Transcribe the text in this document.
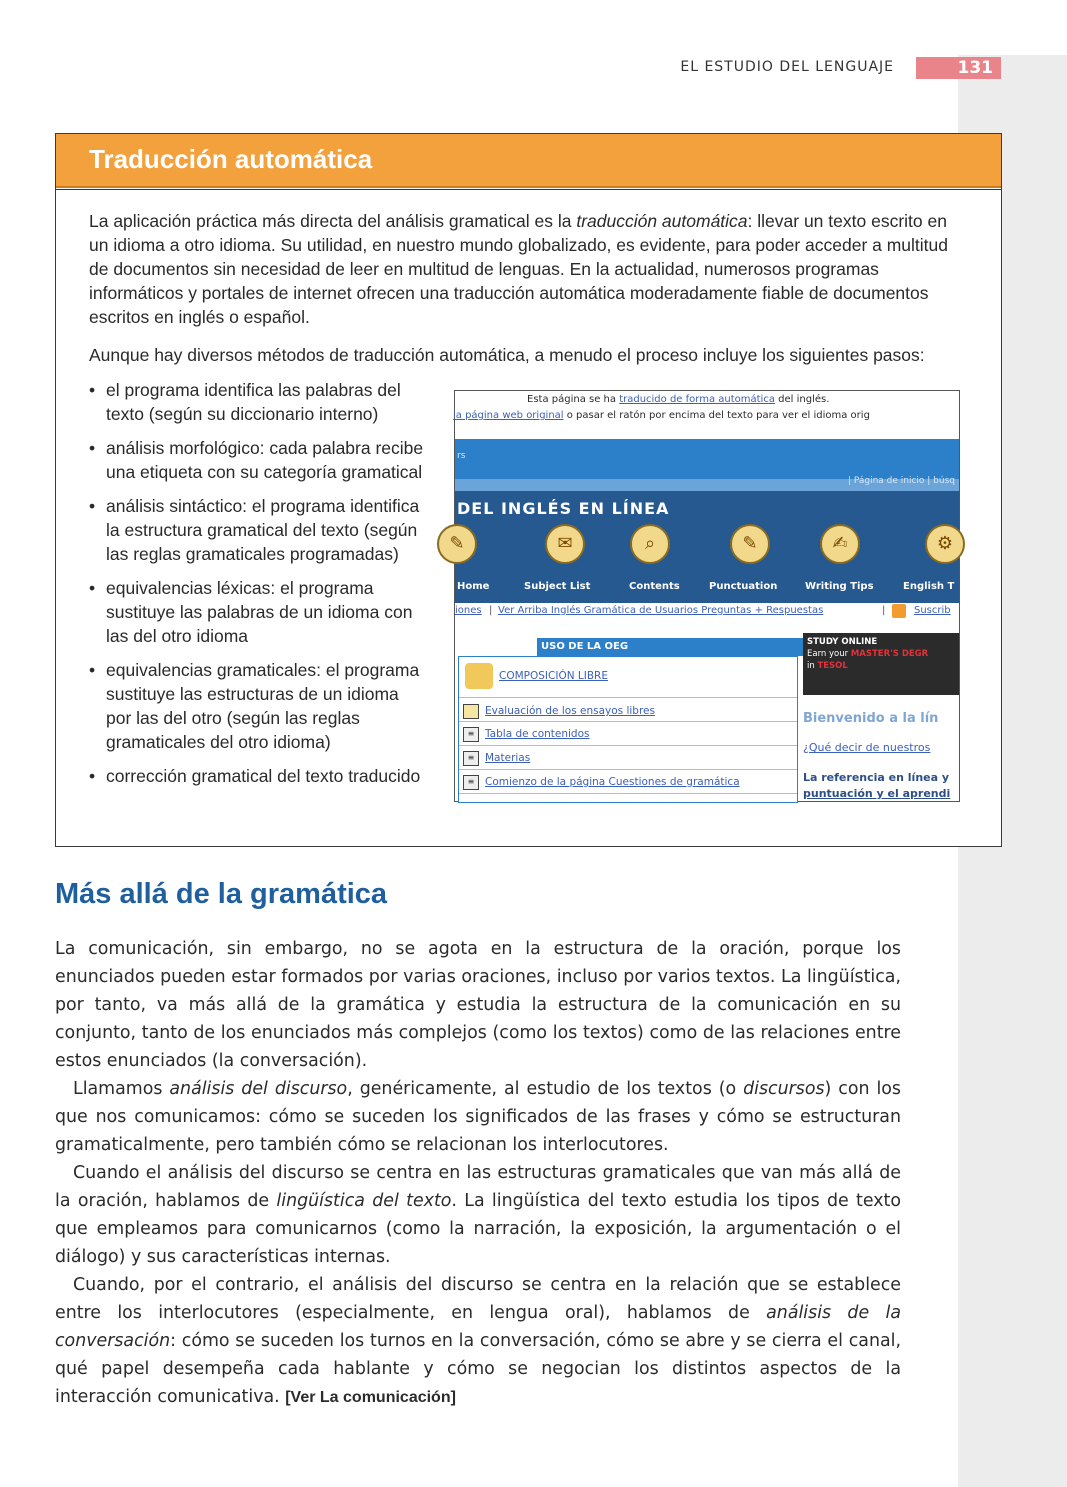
EL ESTUDIO DEL LENGUAJE	131
Traducción automática

La aplicación práctica más directa del análisis gramatical es la traducción automática: llevar un texto escrito en un idioma a otro idioma. Su utilidad, en nuestro mundo globalizado, es evidente, para poder acceder a multitud de documentos sin necesidad de leer en multitud de lenguas. En la actualidad, numerosos programas informáticos y portales de internet ofrecen una traducción automática moderadamente fiable de documentos escritos en inglés o español.

Aunque hay diversos métodos de traducción automática, a menudo el proceso incluye los siguientes pasos:

• el programa identifica las palabras del texto (según su diccionario interno)
• análisis morfológico: cada palabra recibe una etiqueta con su categoría gramatical
• análisis sintáctico: el programa identifica la estructura gramatical del texto (según las reglas gramaticales programadas)
• equivalencias léxicas: el programa sustituye las palabras de un idioma con las del otro idioma
• equivalencias gramaticales: el programa sustituye las estructuras de un idioma por las del otro (según las reglas gramaticales del otro idioma)
• corrección gramatical del texto traducido
Esta página se ha traducido de forma automática del inglés.
la página web original o pasar el ratón por encima del texto para ver el idioma orig
rs
| Página de inicio | búsq
DEL INGLÉS EN LÍNEA
✎	✉	⌕	✎	✍	⚙
Home	Subject List	Contents	Punctuation	Writing Tips	English T
iones | Ver Arriba Inglés Gramática de Usuarios Preguntas + Respuestas	|	Suscrib
USO DE LA OEG	STUDY ONLINE
Earn your MASTER'S DEGR
in TESOL
COMPOSICIÓN LIBRE
Evaluación de los ensayos libres
≡ Tabla de contenidos
≡ Materias
≡ Comienzo de la página Cuestiones de gramática
Bienvenido a la lín
¿Qué decir de nuestros
La referencia en línea y
puntuación y el aprendi
Más allá de la gramática

La comunicación, sin embargo, no se agota en la estructura de la oración, porque los enunciados pueden estar formados por varias oraciones, incluso por varios textos. La lingüística, por tanto, va más allá de la gramática y estudia la estructura de la comunicación en su conjunto, tanto de los enunciados más complejos (como los textos) como de las relaciones entre estos enunciados (la conversación).

Llamamos análisis del discurso, genéricamente, al estudio de los textos (o discursos) con los que nos comunicamos: cómo se suceden los significados de las frases y cómo se estructuran gramaticalmente, pero también cómo se relacionan los interlocutores.

Cuando el análisis del discurso se centra en las estructuras gramaticales que van más allá de la oración, hablamos de lingüística del texto. La lingüística del texto estudia los tipos de texto que empleamos para comunicarnos (como la narración, la exposición, la argumentación o el diálogo) y sus características internas.

Cuando, por el contrario, el análisis del discurso se centra en la relación que se establece entre los interlocutores (especialmente, en lengua oral), hablamos de análisis de la conversación: cómo se suceden los turnos en la conversación, cómo se abre y se cierra el canal, qué papel desempeña cada hablante y cómo se negocian los distintos aspectos de la interacción comunicativa. [Ver La comunicación]
